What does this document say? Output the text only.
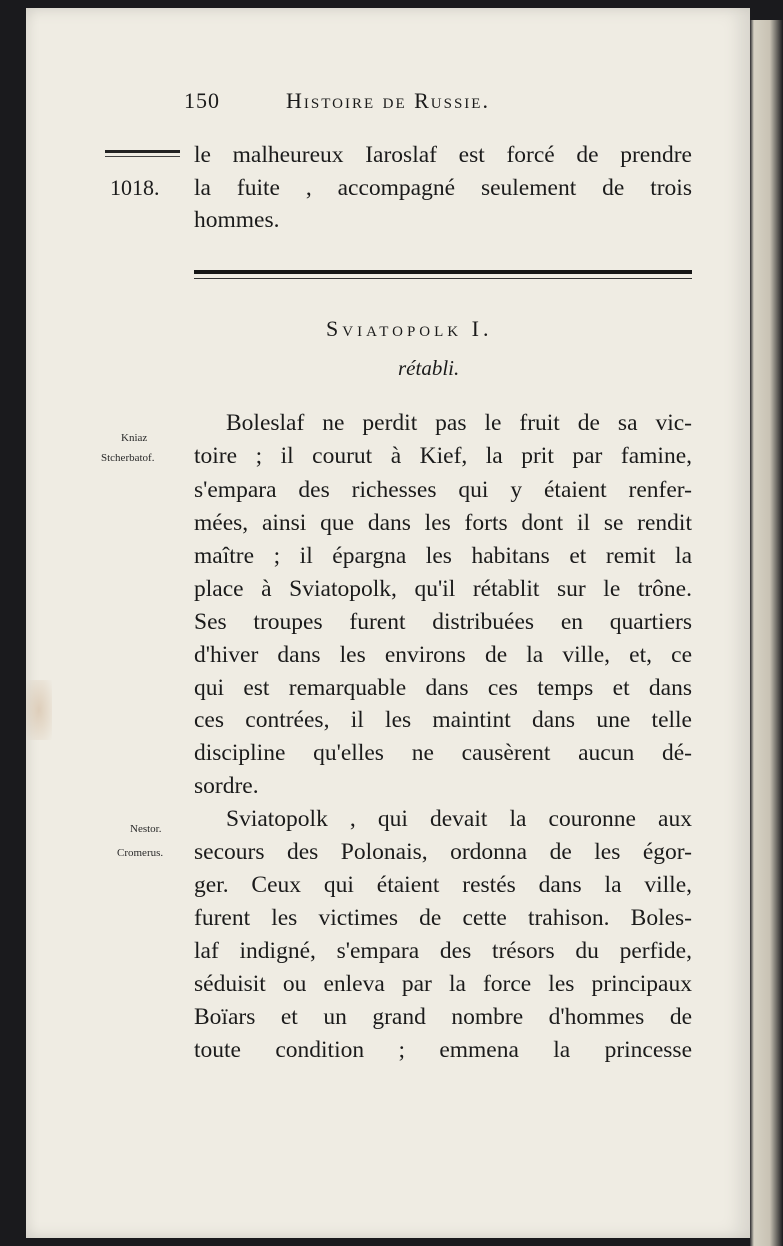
150	Histoire de Russie.
1018.
le malheureux Iaroslaf est forcé de prendre
la fuite , accompagné seulement de trois
hommes.
Sviatopolk I.
rétabli.
Kniaz
Stcherbatof.
Nestor.
Cromerus.
Boleslaf ne perdit pas le fruit de sa vic-
toire ; il courut à Kief, la prit par famine,
s'empara des richesses qui y étaient renfer-
mées, ainsi que dans les forts dont il se rendit
maître ; il épargna les habitans et remit la
place à Sviatopolk, qu'il rétablit sur le trône.
Ses troupes furent distribuées en quartiers
d'hiver dans les environs de la ville, et, ce
qui est remarquable dans ces temps et dans
ces contrées, il les maintint dans une telle
discipline qu'elles ne causèrent aucun dé-
sordre.
Sviatopolk , qui devait la couronne aux
secours des Polonais, ordonna de les égor-
ger. Ceux qui étaient restés dans la ville,
furent les victimes de cette trahison. Boles-
laf indigné, s'empara des trésors du perfide,
séduisit ou enleva par la force les principaux
Boïars et un grand nombre d'hommes de
toute condition ; emmena la princesse
